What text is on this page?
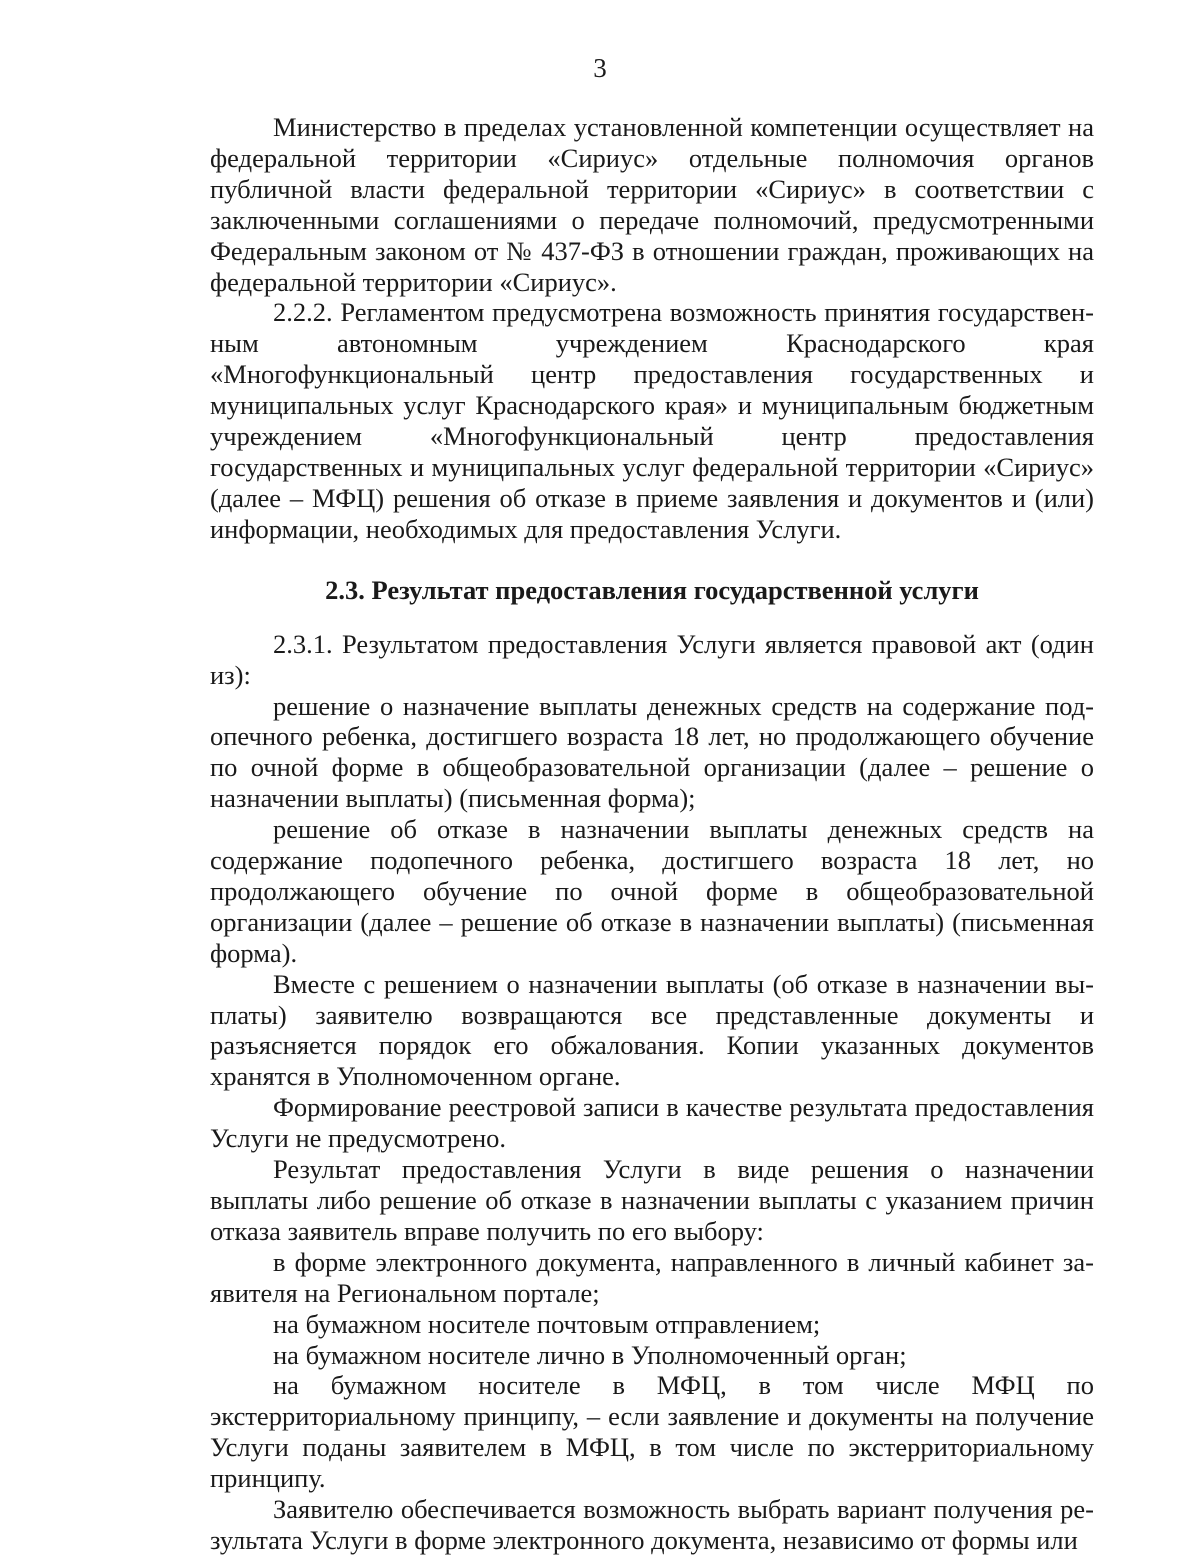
3

Министерство в пределах установленной компетенции осуществляет на федеральной территории «Сириус» отдельные полномочия органов публичной власти федеральной территории «Сириус» в соответствии с заключенными соглашениями о передаче полномочий, предусмотренными Федеральным законом от № 437-ФЗ в отношении граждан, проживающих на федеральной территории «Сириус».

2.2.2. Регламентом предусмотрена возможность принятия государственным автономным учреждением Краснодарского края «Многофункциональный центр предоставления государственных и муниципальных услуг Краснодарского края» и муниципальным бюджетным учреждением «Многофункциональный центр предоставления государственных и муниципальных услуг федеральной территории «Сириус» (далее – МФЦ) решения об отказе в приеме заявления и документов и (или) информации, необходимых для предоставления Услуги.

2.3. Результат предоставления государственной услуги

2.3.1. Результатом предоставления Услуги является правовой акт (один из):

решение о назначение выплаты денежных средств на содержание подопечного ребенка, достигшего возраста 18 лет, но продолжающего обучение по очной форме в общеобразовательной организации (далее – решение о назначении выплаты) (письменная форма);

решение об отказе в назначении выплаты денежных средств на содержание подопечного ребенка, достигшего возраста 18 лет, но продолжающего обучение по очной форме в общеобразовательной организации (далее – решение об отказе в назначении выплаты) (письменная форма).

Вместе с решением о назначении выплаты (об отказе в назначении выплаты) заявителю возвращаются все представленные документы и разъясняется порядок его обжалования. Копии указанных документов хранятся в Уполномоченном органе.

Формирование реестровой записи в качестве результата предоставления Услуги не предусмотрено.

Результат предоставления Услуги в виде решения о назначении выплаты либо решение об отказе в назначении выплаты с указанием причин отказа заявитель вправе получить по его выбору:

в форме электронного документа, направленного в личный кабинет заявителя на Региональном портале;

на бумажном носителе почтовым отправлением;

на бумажном носителе лично в Уполномоченный орган;

на бумажном носителе в МФЦ, в том числе МФЦ по экстерриториальному принципу, – если заявление и документы на получение Услуги поданы заявителем в МФЦ, в том числе по экстерриториальному принципу.

Заявителю обеспечивается возможность выбрать вариант получения результата Услуги в форме электронного документа, независимо от формы или
